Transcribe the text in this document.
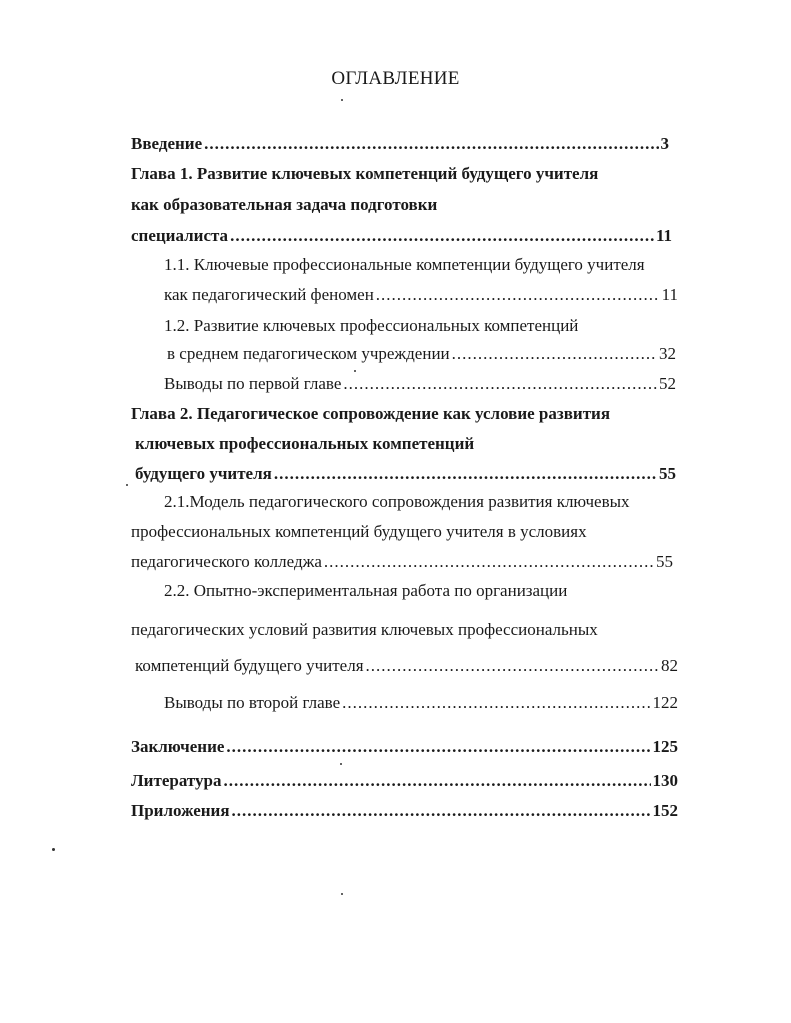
ОГЛАВЛЕНИЕ
Введение .....	3
Глава 1. Развитие ключевых компетенций будущего учителя
как образовательная задача подготовки
специалиста .....	11
1.1. Ключевые профессиональные компетенции будущего учителя
как педагогический феномен .....	11
1.2. Развитие ключевых профессиональных компетенций
в среднем педагогическом учреждении .....	32
Выводы по первой главе .....	52
Глава 2. Педагогическое сопровождение как условие развития
ключевых профессиональных компетенций
будущего учителя .....	55
2.1.Модель педагогического сопровождения развития ключевых
профессиональных компетенций будущего учителя в условиях
педагогического колледжа .....	55
2.2. Опытно-экспериментальная работа по организации
педагогических условий развития ключевых профессиональных
компетенций будущего учителя .....	82
Выводы по второй главе .....	122
Заключение .....	125
Литература .....	130
Приложения .....	152
